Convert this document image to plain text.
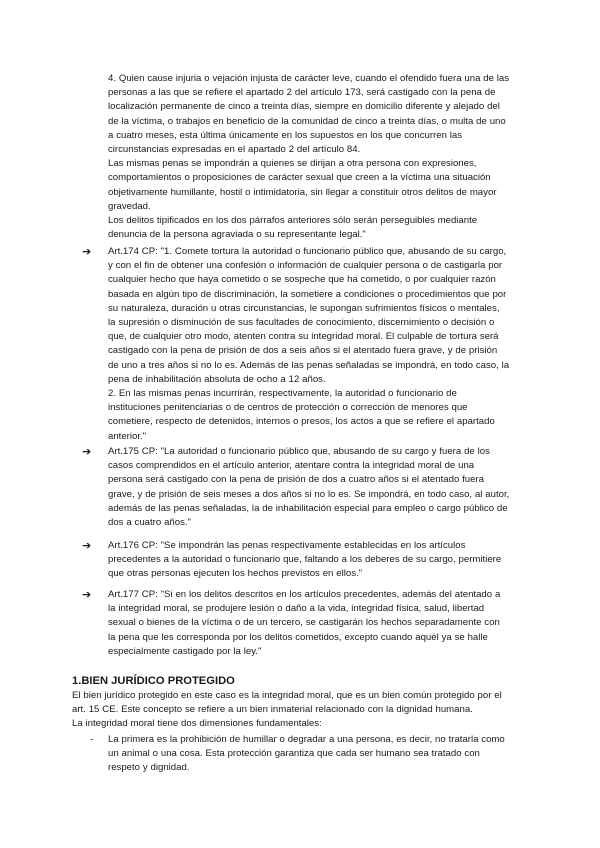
4. Quien cause injuria o vejación injusta de carácter leve, cuando el ofendido fuera una de las

personas a las que se refiere el apartado 2 del artículo 173, será castigado con la pena de

localización permanente de cinco a treinta días, siempre en domicilio diferente y alejado del

de la víctima, o trabajos en beneficio de la comunidad de cinco a treinta días, o multa de uno

a cuatro meses, esta última únicamente en los supuestos en los que concurren las

circunstancias expresadas en el apartado 2 del artículo 84.

Las mismas penas se impondrán a quienes se dirijan a otra persona con expresiones,

comportamientos o proposiciones de carácter sexual que creen a la víctima una situación

objetivamente humillante, hostil o intimidatoria, sin llegar a constituir otros delitos de mayor

gravedad.

Los delitos tipificados en los dos párrafos anteriores sólo serán perseguibles mediante

denuncia de la persona agraviada o su representante legal."

➔	Art.174 CP: "1. Comete tortura la autoridad o funcionario público que, abusando de su cargo,

y con el fin de obtener una confesión o información de cualquier persona o de castigarla por

cualquier hecho que haya cometido o se sospeche que ha cometido, o por cualquier razón

basada en algún tipo de discriminación, la sometiere a condiciones o procedimientos que por

su naturaleza, duración u otras circunstancias, le supongan sufrimientos físicos o mentales,

la supresión o disminución de sus facultades de conocimiento, discernimiento o decisión o

que, de cualquier otro modo, atenten contra su integridad moral. El culpable de tortura será

castigado con la pena de prisión de dos a seis años si el atentado fuera grave, y de prisión

de uno a tres años si no lo es. Además de las penas señaladas se impondrá, en todo caso, la

pena de inhabilitación absoluta de ocho a 12 años.

2. En las mismas penas incurrirán, respectivamente, la autoridad o funcionario de

instituciones penitenciarias o de centros de protección o corrección de menores que

cometiere, respecto de detenidos, internos o presos, los actos a que se refiere el apartado

anterior."

➔	Art.175 CP: "La autoridad o funcionario público que, abusando de su cargo y fuera de los

casos comprendidos en el artículo anterior, atentare contra la integridad moral de una

persona será castigado con la pena de prisión de dos a cuatro años si el atentado fuera

grave, y de prisión de seis meses a dos años si no lo es. Se impondrá, en todo caso, al autor,

además de las penas señaladas, la de inhabilitación especial para empleo o cargo público de

dos a cuatro años."

➔	Art.176 CP: "Se impondrán las penas respectivamente establecidas en los artículos

precedentes a la autoridad o funcionario que, faltando a los deberes de su cargo, permitiere

que otras personas ejecuten los hechos previstos en ellos."

➔	Art.177 CP: "Si en los delitos descritos en los artículos precedentes, además del atentado a

la integridad moral, se produjere lesión o daño a la vida, integridad física, salud, libertad

sexual o bienes de la víctima o de un tercero, se castigarán los hechos separadamente con

la pena que les corresponda por los delitos cometidos, excepto cuando aquél ya se halle

especialmente castigado por la ley."

1.BIEN JURÍDICO PROTEGIDO

El bien jurídico protegido en este caso es la integridad moral, que es un bien común protegido por el

art. 15 CE. Este concepto se refiere a un bien inmaterial relacionado con la dignidad humana.

La integridad moral tiene dos dimensiones fundamentales:

- La primera es la prohibición de humillar o degradar a una persona, es decir, no tratarla como

un animal o una cosa. Esta protección garantiza que cada ser humano sea tratado con

respeto y dignidad.
